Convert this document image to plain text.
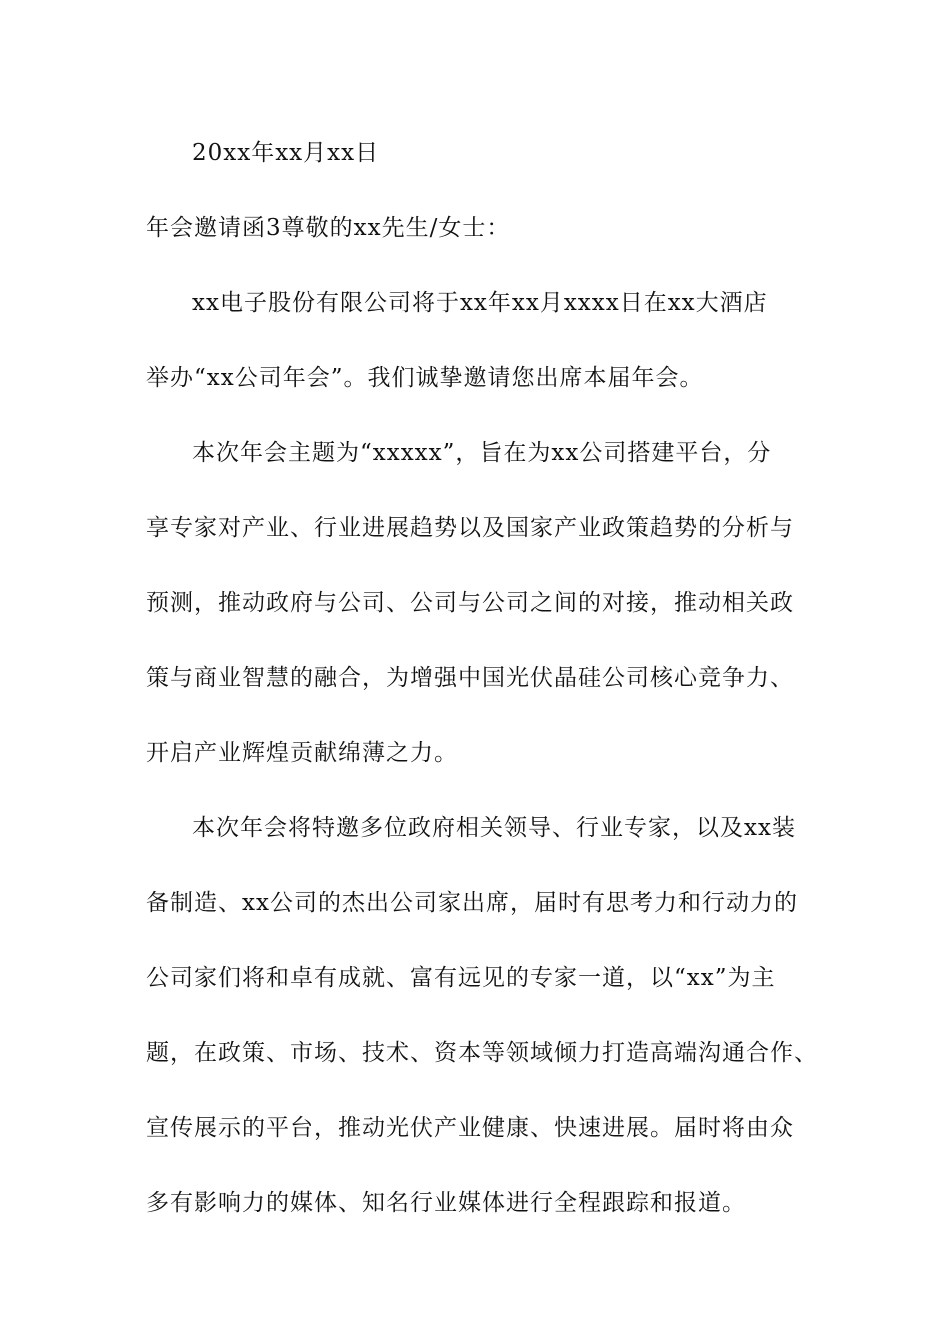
20xx年xx月xx日
年会邀请函3尊敬的xx先生/女士：
xx电子股份有限公司将于xx年xx月xxxx日在xx大酒店
举办“xx公司年会”。我们诚挚邀请您出席本届年会。
本次年会主题为“xxxxx”，旨在为xx公司搭建平台，分
享专家对产业、行业进展趋势以及国家产业政策趋势的分析与
预测，推动政府与公司、公司与公司之间的对接，推动相关政
策与商业智慧的融合，为增强中国光伏晶硅公司核心竞争力、
开启产业辉煌贡献绵薄之力。
本次年会将特邀多位政府相关领导、行业专家，以及xx装
备制造、xx公司的杰出公司家出席，届时有思考力和行动力的
公司家们将和卓有成就、富有远见的专家一道，以“xx”为主
题，在政策、市场、技术、资本等领域倾力打造高端沟通合作、
宣传展示的平台，推动光伏产业健康、快速进展。届时将由众
多有影响力的媒体、知名行业媒体进行全程跟踪和报道。
